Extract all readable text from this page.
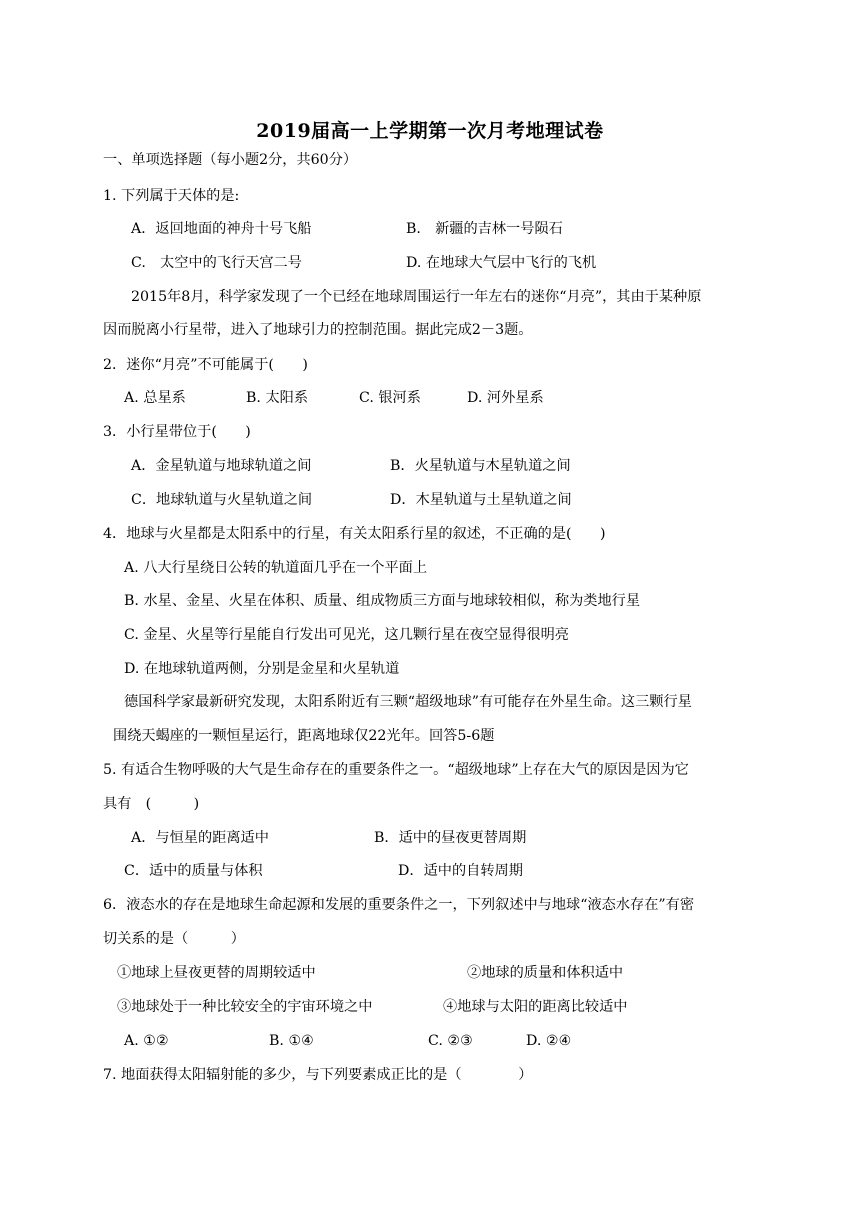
2019届高一上学期第一次月考地理试卷
一、单项选择题（每小题2分，共60分）
1. 下列属于天体的是:
A．返回地面的神舟十号飞船	B.　新疆的吉林一号陨石
C.　太空中的飞行天宫二号	D. 在地球大气层中飞行的飞机
2015年8月，科学家发现了一个已经在地球周围运行一年左右的迷你“月亮”，其由于某种原
因而脱离小行星带，进入了地球引力的控制范围。据此完成2－3题。
2．迷你“月亮”不可能属于(　　)
A. 总星系	B. 太阳系	C. 银河系	D. 河外星系
3．小行星带位于(　　)
A．金星轨道与地球轨道之间	B．火星轨道与木星轨道之间
C．地球轨道与火星轨道之间	D．木星轨道与土星轨道之间
4．地球与火星都是太阳系中的行星，有关太阳系行星的叙述，不正确的是(　　)
A. 八大行星绕日公转的轨道面几乎在一个平面上
B. 水星、金星、火星在体积、质量、组成物质三方面与地球较相似，称为类地行星
C. 金星、火星等行星能自行发出可见光，这几颗行星在夜空显得很明亮
D. 在地球轨道两侧，分别是金星和火星轨道
德国科学家最新研究发现，太阳系附近有三颗“超级地球”有可能存在外星生命。这三颗行星
围绕天蝎座的一颗恒星运行，距离地球仅22光年。回答5-6题
5. 有适合生物呼吸的大气是生命存在的重要条件之一。“超级地球”上存在大气的原因是因为它
具有　(　　　)
A．与恒星的距离适中	B．适中的昼夜更替周期
C．适中的质量与体积	D．适中的自转周期
6．液态水的存在是地球生命起源和发展的重要条件之一，下列叙述中与地球“液态水存在”有密
切关系的是（　　　）
①地球上昼夜更替的周期较适中	②地球的质量和体积适中
③地球处于一种比较安全的宇宙环境之中	④地球与太阳的距离比较适中
A. ①②	B. ①④	C. ②③	D. ②④
7. 地面获得太阳辐射能的多少，与下列要素成正比的是（　　　　）
